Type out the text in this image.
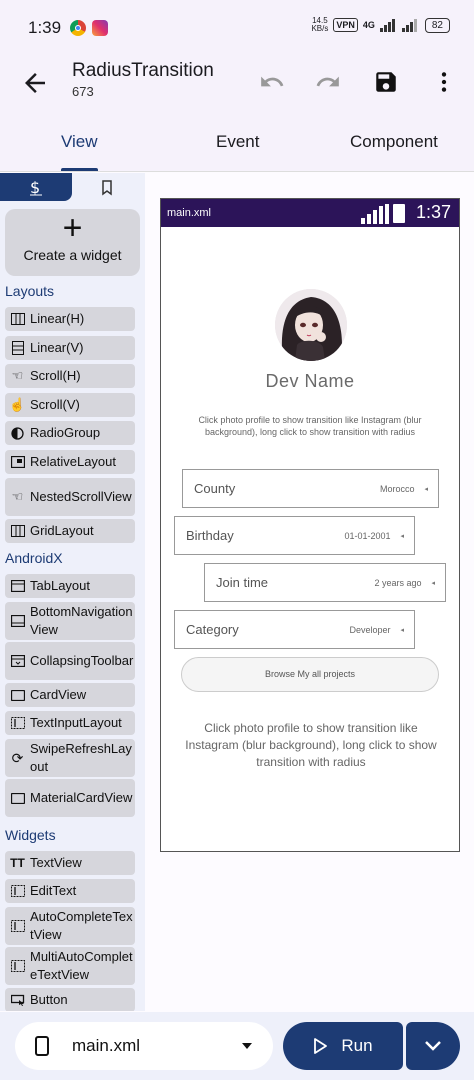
1:39	14.5
KB/s VPN 4G	82
RadiusTransition
673
View	Event	Component
$
+
Create a widget
Layouts
Linear(H)
Linear(V)
☜ Scroll(H)
☝ Scroll(V)
RadioGroup
RelativeLayout
☜ NestedScrollView
GridLayout
AndroidX
TabLayout
BottomNavigationView
CollapsingToolbar
CardView
TextInputLayout
⟳
SwipeRefreshLayout
MaterialCardView
Widgets
TT TextView
EditText
AutoCompleteTextView
MultiAutoCompleteTextView
Button
main.xml	1:37
Dev Name
Click photo profile to show transition like Instagram (blur background), long click to show transition with radius
County	Morocco ◂
Birthday	01-01-2001 ◂
Join time	2 years ago ◂
Category	Developer ◂
Browse My all projects
Click photo profile to show transition like Instagram (blur background), long click to show transition with radius
main.xml	Run
